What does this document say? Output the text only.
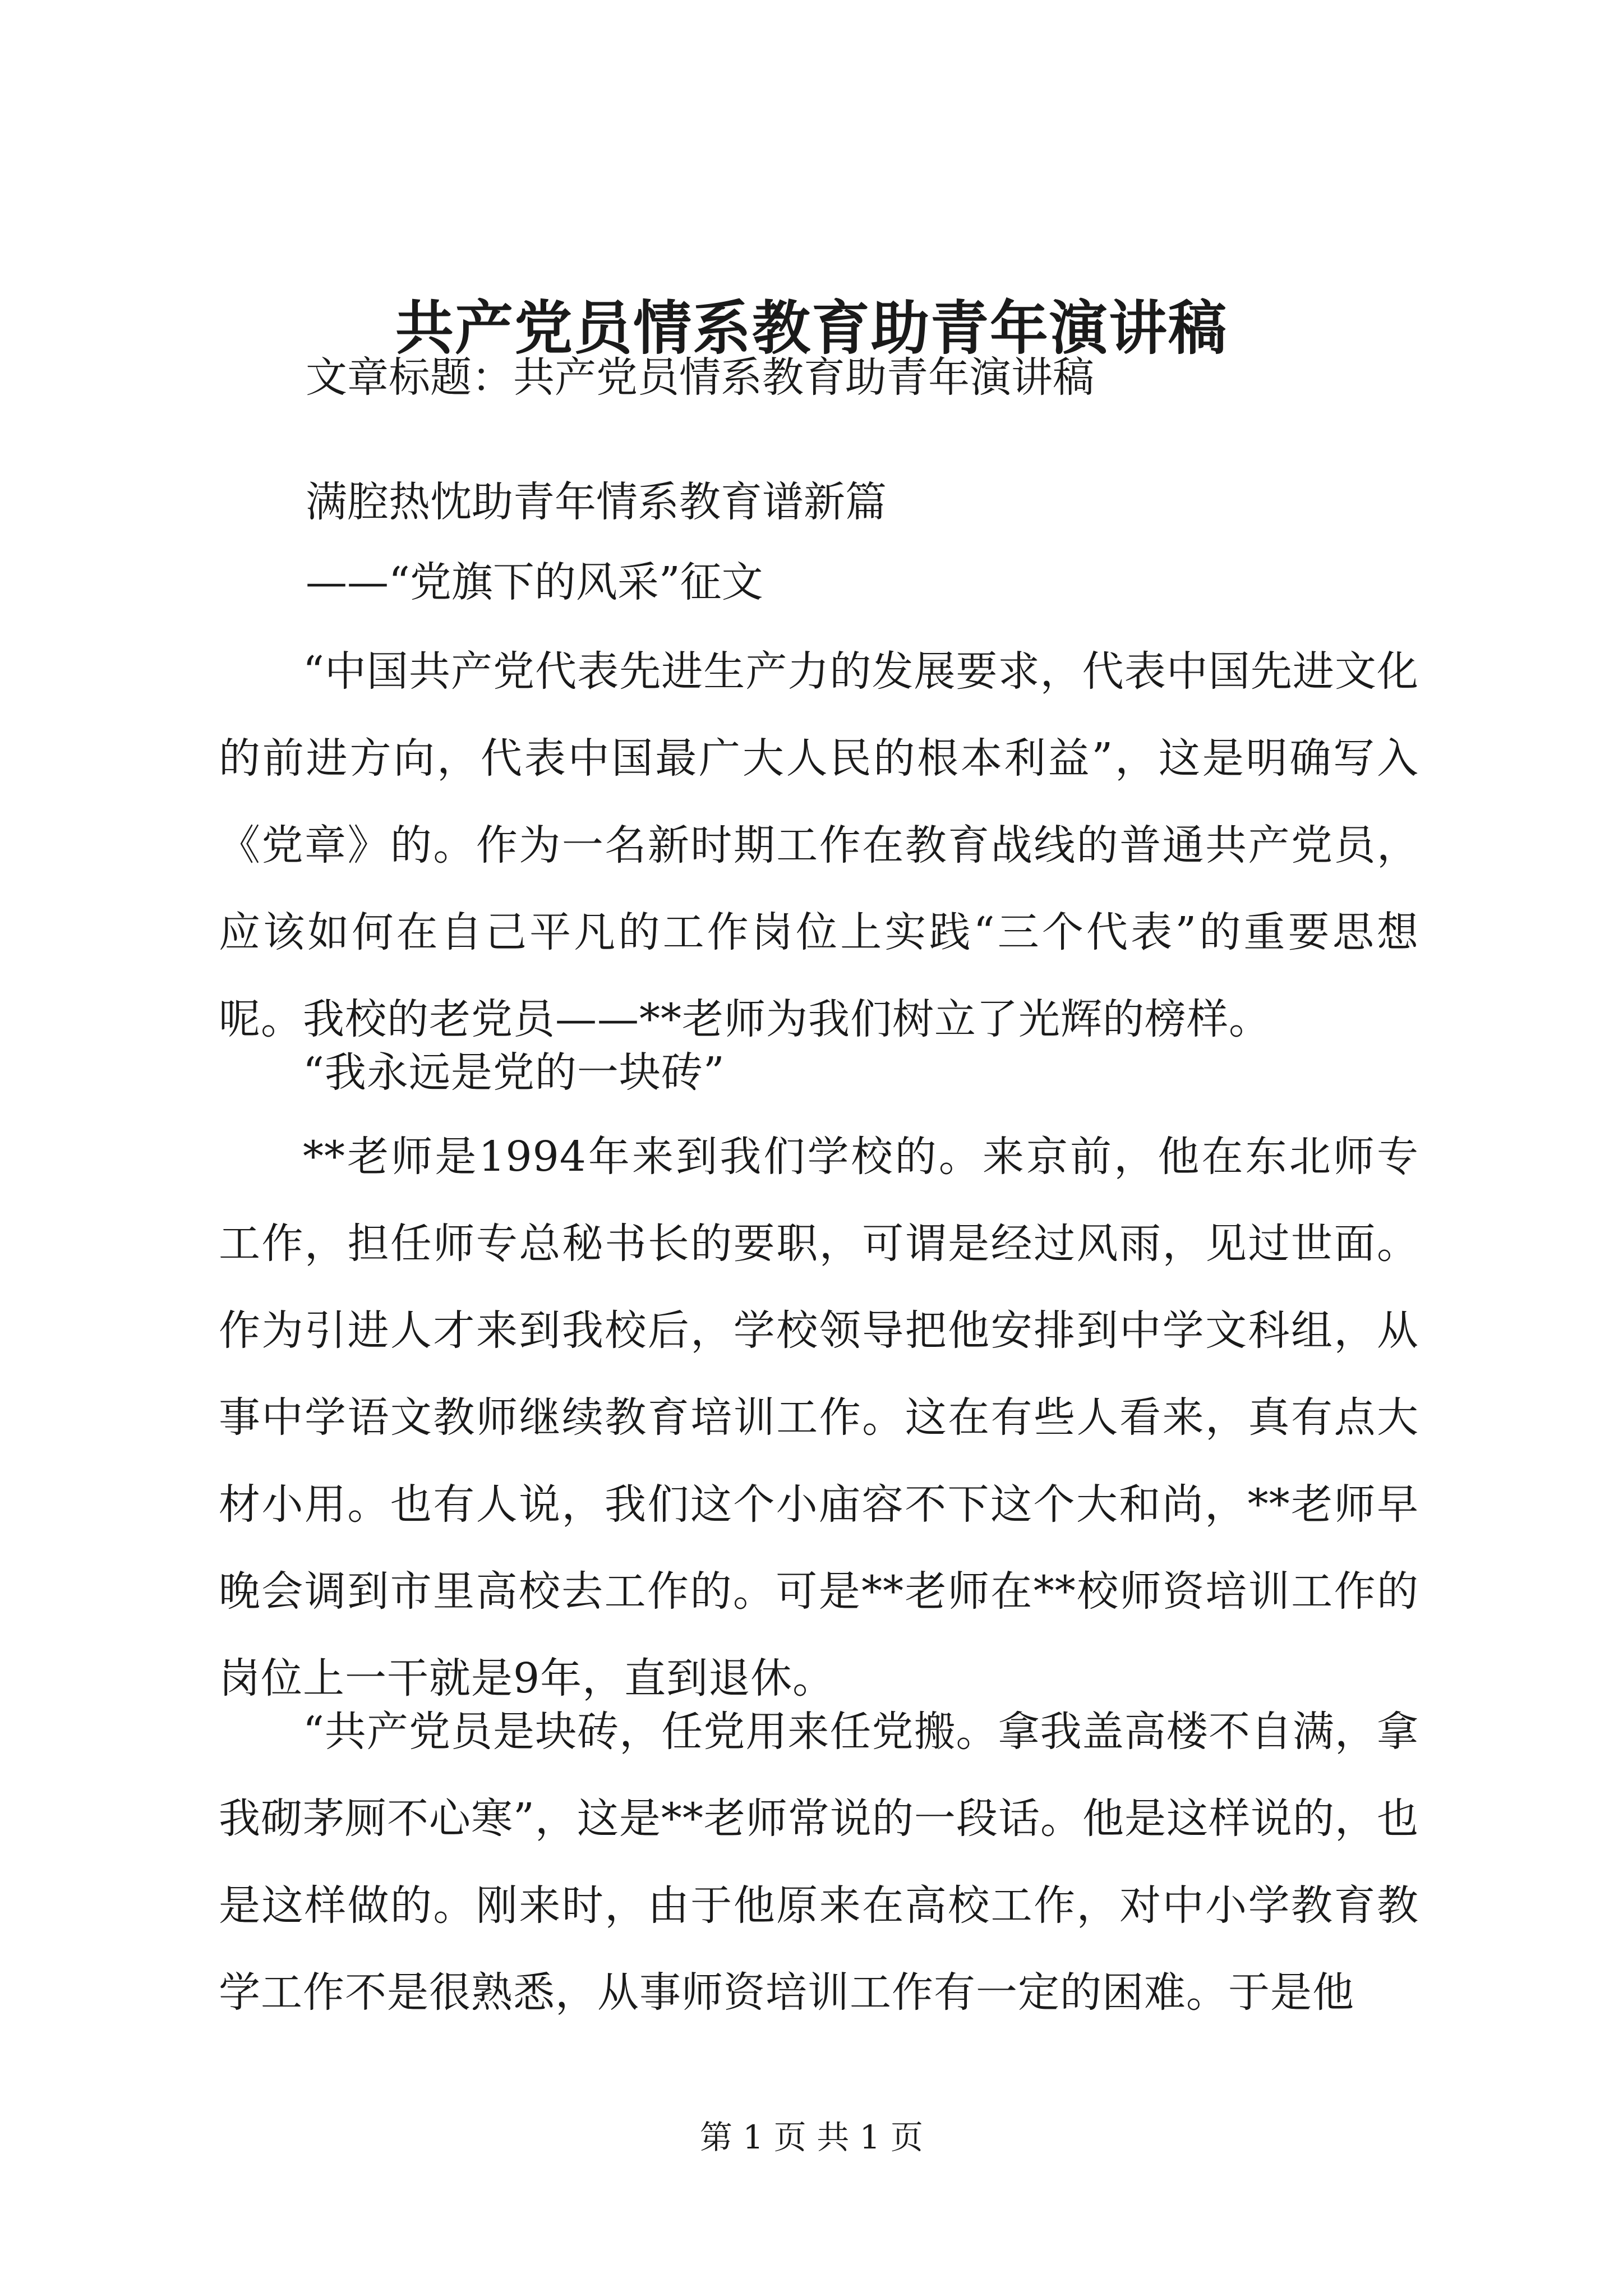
共产党员情系教育助青年演讲稿

文章标题：共产党员情系教育助青年演讲稿

满腔热忱助青年情系教育谱新篇

——“党旗下的风采”征文

“中国共产党代表先进生产力的发展要求，代表中国先进文化的前进方向，代表中国最广大人民的根本利益”，这是明确写入《党章》的。作为一名新时期工作在教育战线的普通共产党员，应该如何在自己平凡的工作岗位上实践“三个代表”的重要思想呢。我校的老党员——**老师为我们树立了光辉的榜样。

“我永远是党的一块砖”

**老师是1994年来到我们学校的。来京前，他在东北师专工作，担任师专总秘书长的要职，可谓是经过风雨，见过世面。作为引进人才来到我校后，学校领导把他安排到中学文科组，从事中学语文教师继续教育培训工作。这在有些人看来，真有点大材小用。也有人说，我们这个小庙容不下这个大和尚，**老师早晚会调到市里高校去工作的。可是**老师在**校师资培训工作的岗位上一干就是9年，直到退休。

“共产党员是块砖，任党用来任党搬。拿我盖高楼不自满，拿我砌茅厕不心寒”，这是**老师常说的一段话。他是这样说的，也是这样做的。刚来时，由于他原来在高校工作，对中小学教育教学工作不是很熟悉，从事师资培训工作有一定的困难。于是他

第 1 页 共 1 页
